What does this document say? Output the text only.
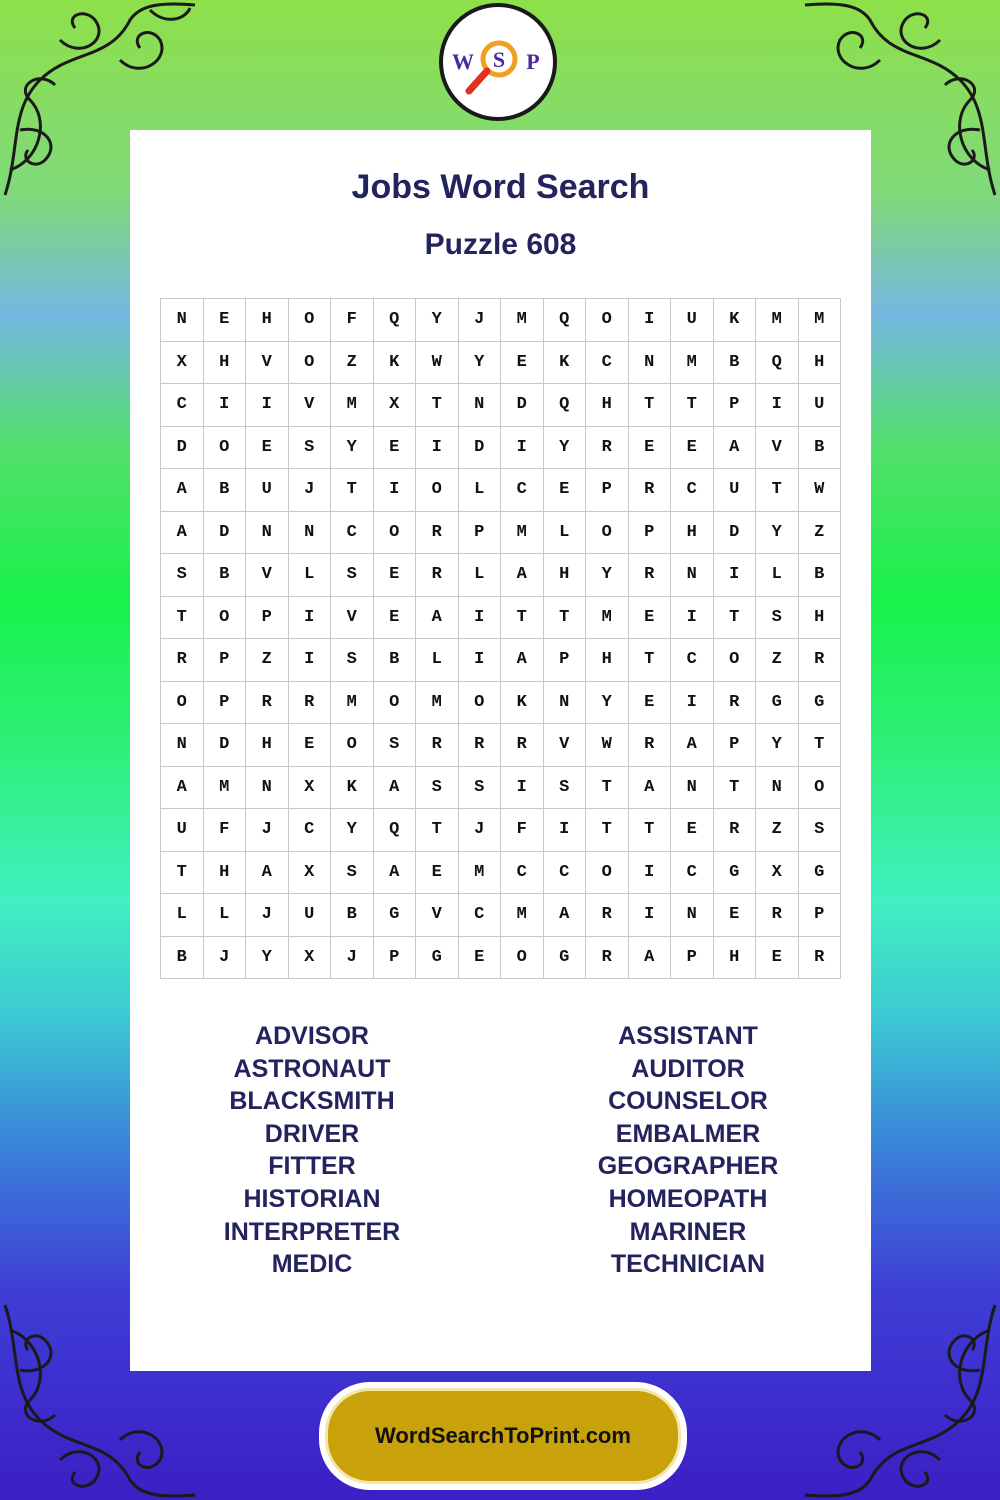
W S P
Jobs Word Search
Puzzle 608
N	E	H	O	F	Q	Y	J	M	Q	O	I	U	K	M	M
X	H	V	O	Z	K	W	Y	E	K	C	N	M	B	Q	H
C	I	I	V	M	X	T	N	D	Q	H	T	T	P	I	U
D	O	E	S	Y	E	I	D	I	Y	R	E	E	A	V	B
A	B	U	J	T	I	O	L	C	E	P	R	C	U	T	W
A	D	N	N	C	O	R	P	M	L	O	P	H	D	Y	Z
S	B	V	L	S	E	R	L	A	H	Y	R	N	I	L	B
T	O	P	I	V	E	A	I	T	T	M	E	I	T	S	H
R	P	Z	I	S	B	L	I	A	P	H	T	C	O	Z	R
O	P	R	R	M	O	M	O	K	N	Y	E	I	R	G	G
N	D	H	E	O	S	R	R	R	V	W	R	A	P	Y	T
A	M	N	X	K	A	S	S	I	S	T	A	N	T	N	O
U	F	J	C	Y	Q	T	J	F	I	T	T	E	R	Z	S
T	H	A	X	S	A	E	M	C	C	O	I	C	G	X	G
L	L	J	U	B	G	V	C	M	A	R	I	N	E	R	P
B	J	Y	X	J	P	G	E	O	G	R	A	P	H	E	R
ADVISOR
ASTRONAUT
BLACKSMITH
DRIVER
FITTER
HISTORIAN
INTERPRETER
MEDIC
ASSISTANT
AUDITOR
COUNSELOR
EMBALMER
GEOGRAPHER
HOMEOPATH
MARINER
TECHNICIAN
WordSearchToPrint.com
